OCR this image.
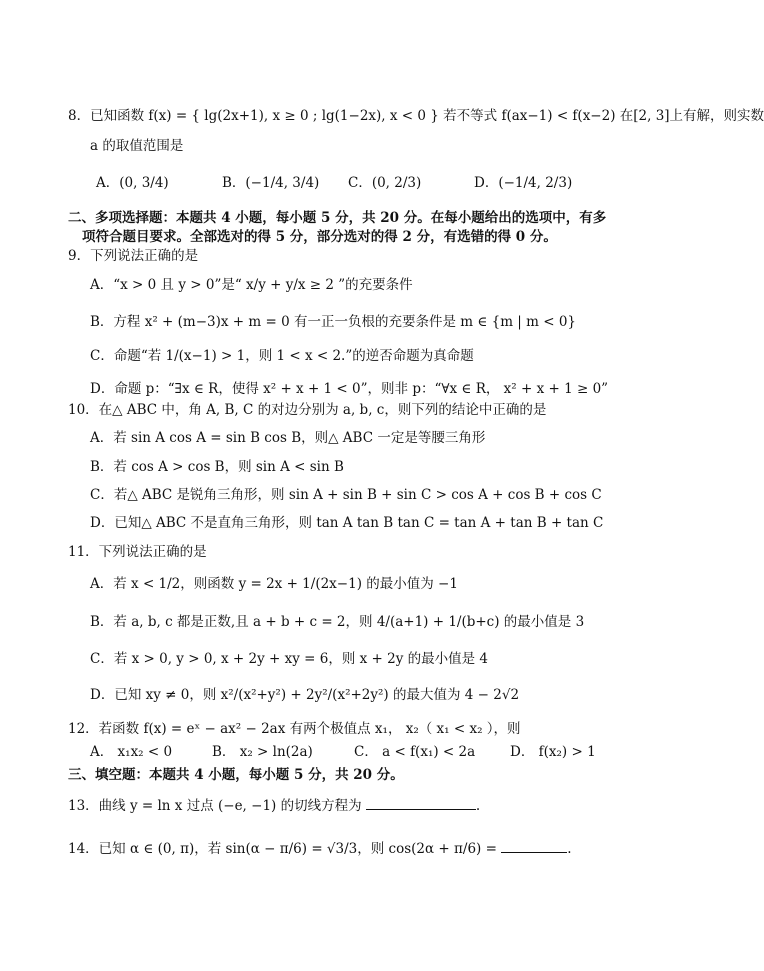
8．已知函数 f(x) = { lg(2x+1), x ≥ 0 ; lg(1−2x), x < 0 } 若不等式 f(ax−1) < f(x−2) 在[2, 3]上有解，则实数
a 的取值范围是
A．(0, 3/4)	B．(−1/4, 3/4) C．(0, 2/3)	D．(−1/4, 2/3)
二、多项选择题：本题共 4 小题，每小题 5 分，共 20 分。在每小题给出的选项中，有多
项符合题目要求。全部选对的得 5 分，部分选对的得 2 分，有选错的得 0 分。
9．下列说法正确的是
A．“x > 0 且 y > 0”是“ x/y + y/x ≥ 2 ”的充要条件
B．方程 x² + (m−3)x + m = 0 有一正一负根的充要条件是 m ∈ {m | m < 0}
C．命题“若 1/(x−1) > 1，则 1 < x < 2.”的逆否命题为真命题
D．命题 p：“∃x ∈ R，使得 x² + x + 1 < 0”，则非 p：“∀x ∈ R， x² + x + 1 ≥ 0”
10．在△ ABC 中，角 A, B, C 的对边分别为 a, b, c，则下列的结论中正确的是
A．若 sin A cos A = sin B cos B，则△ ABC 一定是等腰三角形
B．若 cos A > cos B，则 sin A < sin B
C．若△ ABC 是锐角三角形，则 sin A + sin B + sin C > cos A + cos B + cos C
D．已知△ ABC 不是直角三角形，则 tan A tan B tan C = tan A + tan B + tan C
11．下列说法正确的是
A．若 x < 1/2，则函数 y = 2x + 1/(2x−1) 的最小值为 −1
B．若 a, b, c 都是正数,且 a + b + c = 2，则 4/(a+1) + 1/(b+c) 的最小值是 3
C．若 x > 0, y > 0, x + 2y + xy = 6，则 x + 2y 的最小值是 4
D．已知 xy ≠ 0，则 x²/(x²+y²) + 2y²/(x²+2y²) 的最大值为 4 − 2√2
12．若函数 f(x) = eˣ − ax² − 2ax 有两个极值点 x₁， x₂（ x₁ < x₂ ），则
A． x₁x₂ < 0	B． x₂ > ln(2a)	C． a < f(x₁) < 2a	D． f(x₂) > 1
三、填空题：本题共 4 小题，每小题 5 分，共 20 分。
13．曲线 y = ln x 过点 (−e, −1) 的切线方程为	.
14．已知 α ∈ (0, π)，若 sin(α − π/6) = √3/3，则 cos(2α + π/6) =	.
